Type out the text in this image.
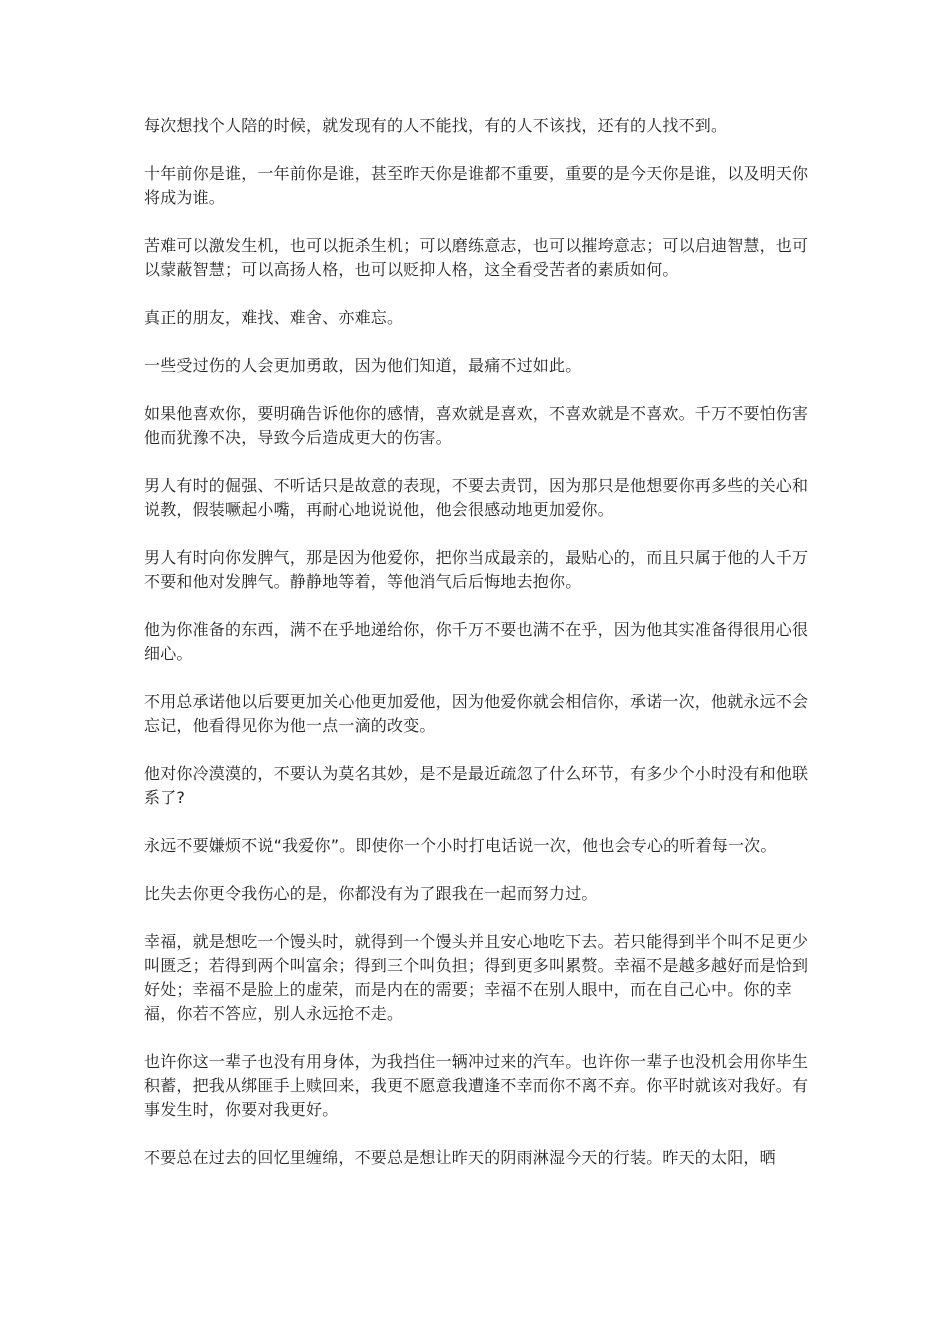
每次想找个人陪的时候，就发现有的人不能找，有的人不该找，还有的人找不到。

十年前你是谁，一年前你是谁，甚至昨天你是谁都不重要，重要的是今天你是谁，以及明天你将成为谁。

苦难可以激发生机，也可以扼杀生机；可以磨练意志，也可以摧垮意志；可以启迪智慧，也可以蒙蔽智慧；可以高扬人格，也可以贬抑人格，这全看受苦者的素质如何。

真正的朋友，难找、难舍、亦难忘。

一些受过伤的人会更加勇敢，因为他们知道，最痛不过如此。

如果他喜欢你，要明确告诉他你的感情，喜欢就是喜欢，不喜欢就是不喜欢。千万不要怕伤害他而犹豫不决，导致今后造成更大的伤害。

男人有时的倔强、不听话只是故意的表现，不要去责罚，因为那只是他想要你再多些的关心和说教，假装噘起小嘴，再耐心地说说他，他会很感动地更加爱你。

男人有时向你发脾气，那是因为他爱你，把你当成最亲的，最贴心的，而且只属于他的人千万不要和他对发脾气。静静地等着，等他消气后后悔地去抱你。

他为你准备的东西，满不在乎地递给你，你千万不要也满不在乎，因为他其实准备得很用心很细心。

不用总承诺他以后要更加关心他更加爱他，因为他爱你就会相信你，承诺一次，他就永远不会忘记，他看得见你为他一点一滴的改变。

他对你冷漠漠的，不要认为莫名其妙，是不是最近疏忽了什么环节，有多少个小时没有和他联系了?

永远不要嫌烦不说“我爱你”。即使你一个小时打电话说一次，他也会专心的听着每一次。

比失去你更令我伤心的是，你都没有为了跟我在一起而努力过。

幸福，就是想吃一个馒头时，就得到一个馒头并且安心地吃下去。若只能得到半个叫不足更少叫匮乏；若得到两个叫富余；得到三个叫负担；得到更多叫累赘。幸福不是越多越好而是恰到好处；幸福不是脸上的虚荣，而是内在的需要；幸福不在别人眼中，而在自己心中。你的幸福，你若不答应，别人永远抢不走。

也许你这一辈子也没有用身体，为我挡住一辆冲过来的汽车。也许你一辈子也没机会用你毕生积蓄，把我从绑匪手上赎回来，我更不愿意我遭逢不幸而你不离不弃。你平时就该对我好。有事发生时，你要对我更好。

不要总在过去的回忆里缠绵，不要总是想让昨天的阴雨淋湿今天的行装。昨天的太阳，晒
